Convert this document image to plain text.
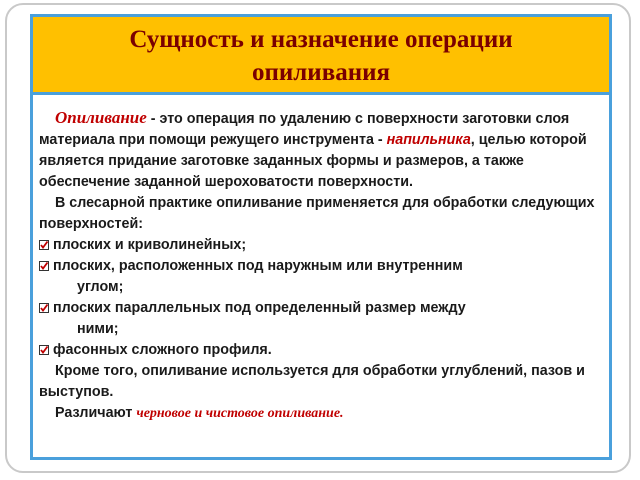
Сущность и назначение операции
опиливания

Опиливание - это операция по удалению с поверхности заготовки слоя материала при помощи режущего инструмента - напильника, целью которой является придание заготовке заданных формы и размеров, а также обеспечение заданной шероховатости поверхности.

В слесарной практике опиливание применяется для обработки следующих поверхностей:

плоских и криволинейных;
плоских, расположенных под наружным или внутренним
углом;
плоских параллельных под определенный размер между
ними;
фасонных сложного профиля.

Кроме того, опиливание используется для обработки углублений, пазов и выступов.

Различают черновое и чистовое опиливание.
